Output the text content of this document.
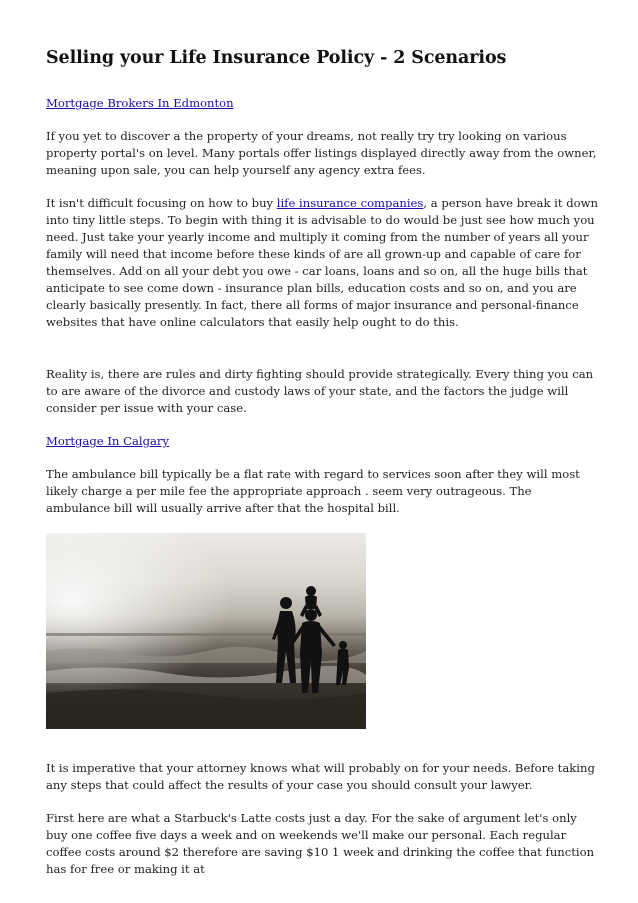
Selling your Life Insurance Policy - 2 Scenarios

Mortgage Brokers In Edmonton

If you yet to discover a the property of your dreams, not really try try looking on various property portal's on level. Many portals offer listings displayed directly away from the owner, meaning upon sale, you can help yourself any agency extra fees.

It isn't difficult focusing on how to buy life insurance companies, a person have break it down into tiny little steps. To begin with thing it is advisable to do would be just see how much you need. Just take your yearly income and multiply it coming from the number of years all your family will need that income before these kinds of are all grown-up and capable of care for themselves. Add on all your debt you owe - car loans, loans and so on, all the huge bills that anticipate to see come down - insurance plan bills, education costs and so on, and you are clearly basically presently. In fact, there all forms of major insurance and personal-finance websites that have online calculators that easily help ought to do this.

Reality is, there are rules and dirty fighting should provide strategically. Every thing you can to are aware of the divorce and custody laws of your state, and the factors the judge will consider per issue with your case.

Mortgage In Calgary

The ambulance bill typically be a flat rate with regard to services soon after they will most likely charge a per mile fee the appropriate approach . seem very outrageous. The ambulance bill will usually arrive after that the hospital bill.

It is imperative that your attorney knows what will probably on for your needs. Before taking any steps that could affect the results of your case you should consult your lawyer.

First here are what a Starbuck's Latte costs just a day. For the sake of argument let's only buy one coffee five days a week and on weekends we'll make our personal. Each regular coffee costs around $2 therefore are saving $10 1 week and drinking the coffee that function has for free or making it at
